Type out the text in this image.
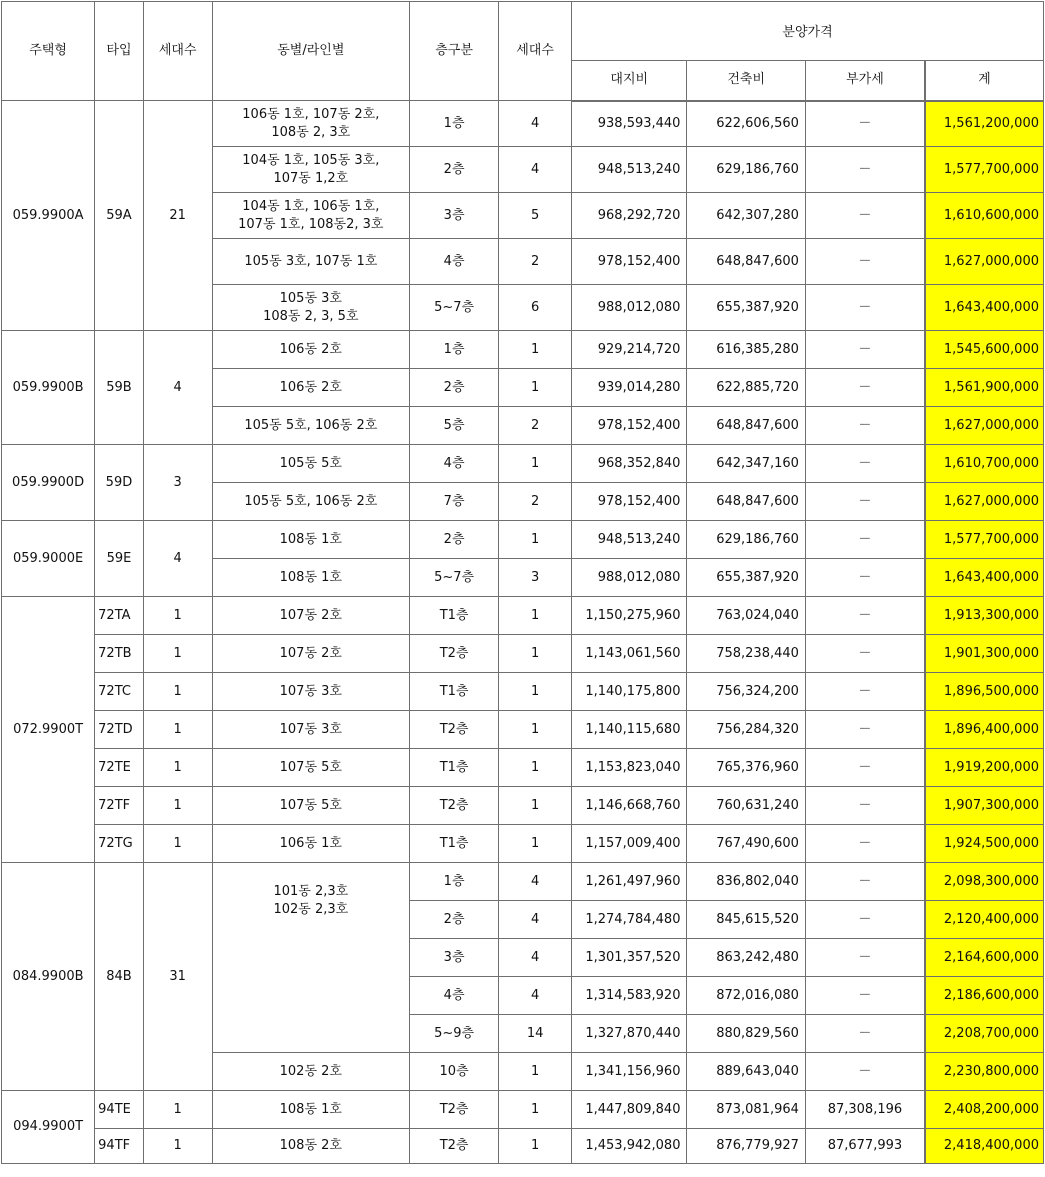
주택형	타입	세대수	동별/라인별	층구분	세대수	분양가격			
						대지비	건축비	부가세	계
059.9900A	59A	21	106동 1호, 107동 2호,
108동 2, 3호	1층	4	938,593,440	622,606,560	－	1,561,200,000
			104동 1호, 105동 3호,
107동 1,2호	2층	4	948,513,240	629,186,760	－	1,577,700,000
			104동 1호, 106동 1호,
107동 1호, 108동2, 3호	3층	5	968,292,720	642,307,280	－	1,610,600,000
			105동 3호, 107동 1호	4층	2	978,152,400	648,847,600	－	1,627,000,000
			105동 3호
108동 2, 3, 5호	5~7층	6	988,012,080	655,387,920	－	1,643,400,000
059.9900B	59B	4	106동 2호	1층	1	929,214,720	616,385,280	－	1,545,600,000
			106동 2호	2층	1	939,014,280	622,885,720	－	1,561,900,000
			105동 5호, 106동 2호	5층	2	978,152,400	648,847,600	－	1,627,000,000
059.9900D	59D	3	105동 5호	4층	1	968,352,840	642,347,160	－	1,610,700,000
			105동 5호, 106동 2호	7층	2	978,152,400	648,847,600	－	1,627,000,000
059.9000E	59E	4	108동 1호	2층	1	948,513,240	629,186,760	－	1,577,700,000
			108동 1호	5~7층	3	988,012,080	655,387,920	－	1,643,400,000
072.9900T	72TA	1	107동 2호	T1층	1	1,150,275,960	763,024,040	－	1,913,300,000
	72TB	1	107동 2호	T2층	1	1,143,061,560	758,238,440	－	1,901,300,000
	72TC	1	107동 3호	T1층	1	1,140,175,800	756,324,200	－	1,896,500,000
	72TD	1	107동 3호	T2층	1	1,140,115,680	756,284,320	－	1,896,400,000
	72TE	1	107동 5호	T1층	1	1,153,823,040	765,376,960	－	1,919,200,000
	72TF	1	107동 5호	T2층	1	1,146,668,760	760,631,240	－	1,907,300,000
	72TG	1	106동 1호	T1층	1	1,157,009,400	767,490,600	－	1,924,500,000
084.9900B	84B	31	101동 2,3호
102동 2,3호	1층	4	1,261,497,960	836,802,040	－	2,098,300,000
				2층	4	1,274,784,480	845,615,520	－	2,120,400,000
				3층	4	1,301,357,520	863,242,480	－	2,164,600,000
				4층	4	1,314,583,920	872,016,080	－	2,186,600,000
				5~9층	14	1,327,870,440	880,829,560	－	2,208,700,000
			102동 2호	10층	1	1,341,156,960	889,643,040	－	2,230,800,000
094.9900T	94TE	1	108동 1호	T2층	1	1,447,809,840	873,081,964	87,308,196	2,408,200,000
	94TF	1	108동 2호	T2층	1	1,453,942,080	876,779,927	87,677,993	2,418,400,000
